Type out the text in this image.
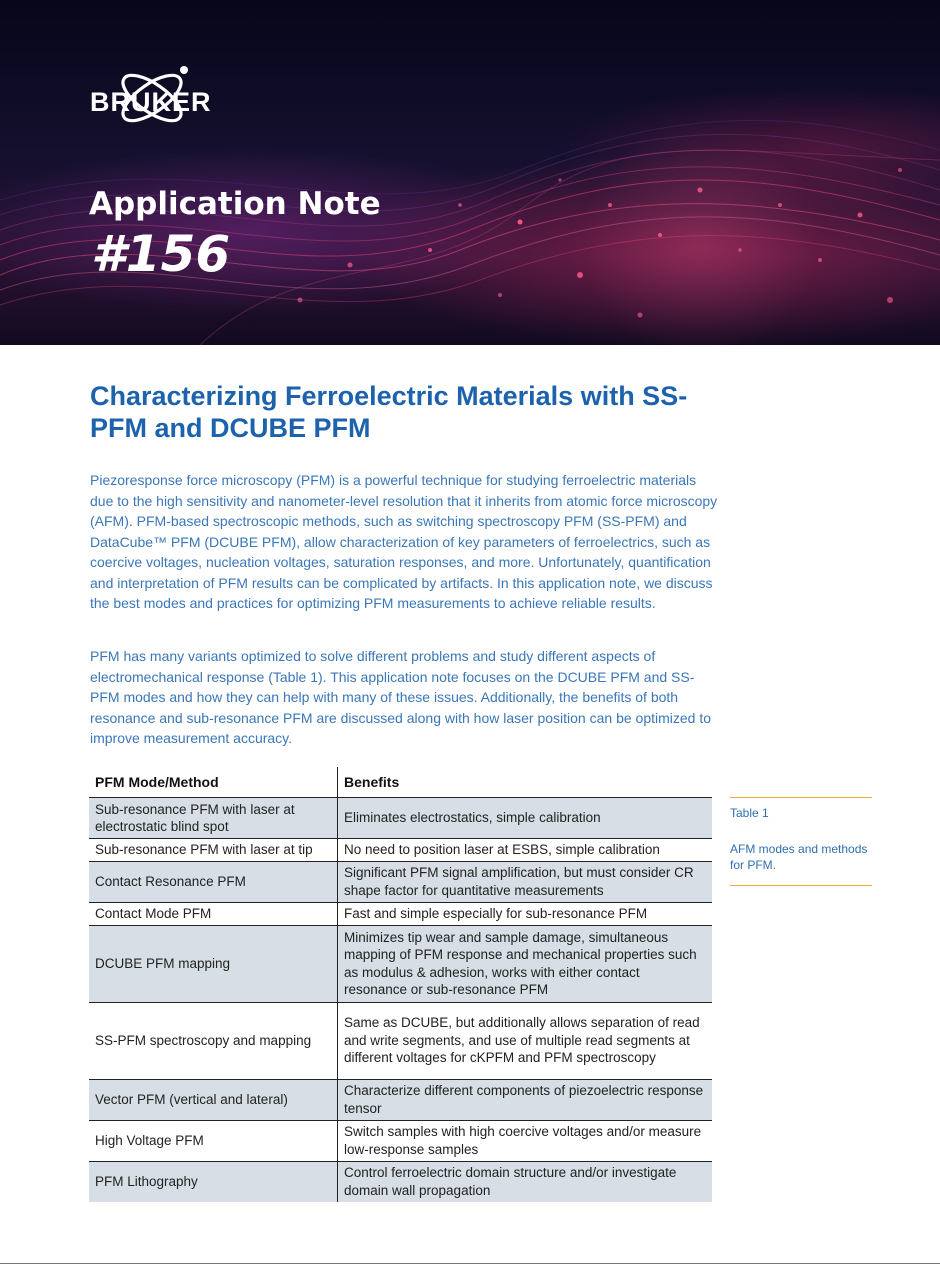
BRUKER
Application Note
#156
Characterizing Ferroelectric Materials with SS-PFM and DCUBE PFM

Piezoresponse force microscopy (PFM) is a powerful technique for studying ferroelectric materials due to the high sensitivity and nanometer-level resolution that it inherits from atomic force microscopy (AFM). PFM-based spectroscopic methods, such as switching spectroscopy PFM (SS-PFM) and DataCube™ PFM (DCUBE PFM), allow characterization of key parameters of ferroelectrics, such as coercive voltages, nucleation voltages, saturation responses, and more. Unfortunately, quantification and interpretation of PFM results can be complicated by artifacts. In this application note, we discuss the best modes and practices for optimizing PFM measurements to achieve reliable results.

PFM has many variants optimized to solve different problems and study different aspects of electromechanical response (Table 1). This application note focuses on the DCUBE PFM and SS-PFM modes and how they can help with many of these issues. Additionally, the benefits of both resonance and sub-resonance PFM are discussed along with how laser position can be optimized to improve measurement accuracy.

PFM Mode/Method	Benefits
Sub-resonance PFM with laser at electrostatic blind spot	Eliminates electrostatics, simple calibration
Sub-resonance PFM with laser at tip	No need to position laser at ESBS, simple calibration
Contact Resonance PFM	Significant PFM signal amplification, but must consider CR shape factor for quantitative measurements
Contact Mode PFM	Fast and simple especially for sub-resonance PFM
DCUBE PFM mapping	Minimizes tip wear and sample damage, simultaneous mapping of PFM response and mechanical properties such as modulus & adhesion, works with either contact resonance or sub-resonance PFM
SS-PFM spectroscopy and mapping	Same as DCUBE, but additionally allows separation of read and write segments, and use of multiple read segments at different voltages for cKPFM and PFM spectroscopy
Vector PFM (vertical and lateral)	Characterize different components of piezoelectric response tensor
High Voltage PFM	Switch samples with high coercive voltages and/or measure low-response samples
PFM Lithography	Control ferroelectric domain structure and/or investigate domain wall propagation
Table 1
AFM modes and methods for PFM.
